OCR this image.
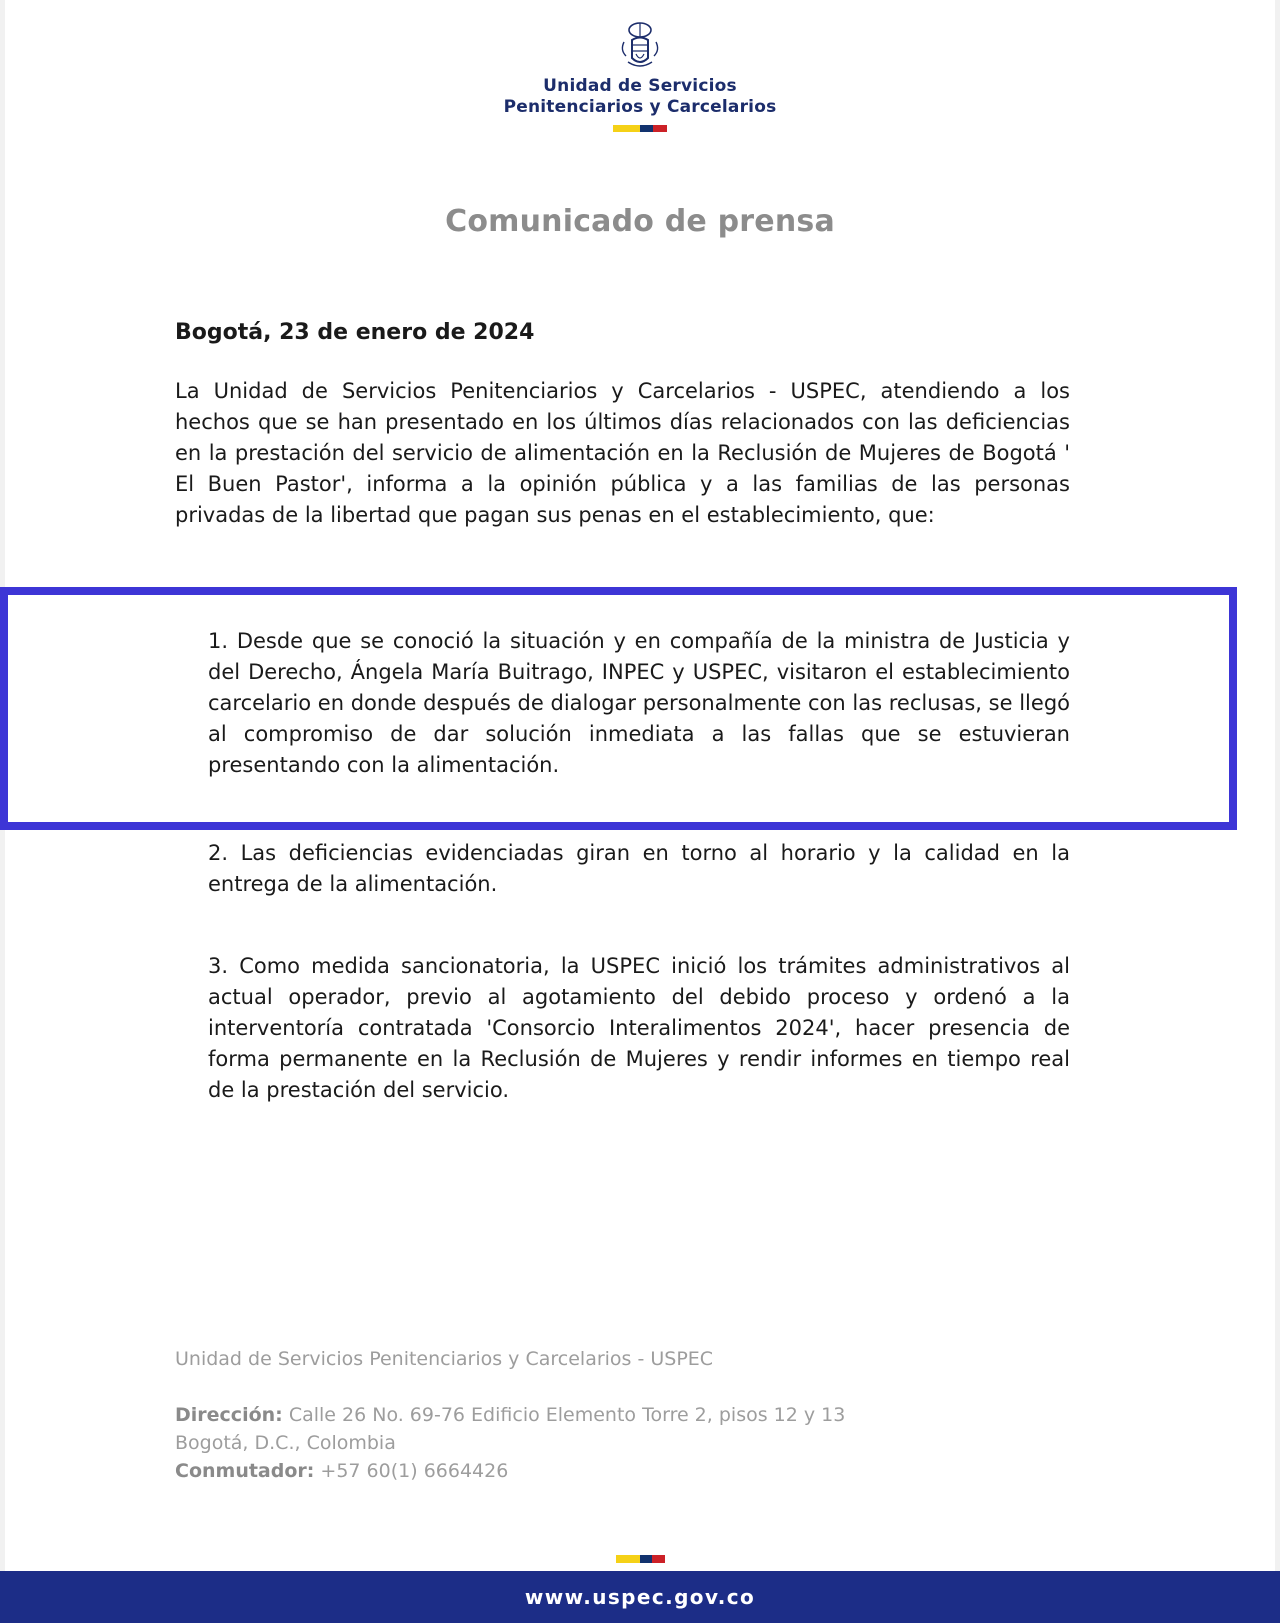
Unidad de Servicios
Penitenciarios y Carcelarios
Comunicado de prensa
Bogotá, 23 de enero de 2024

La Unidad de Servicios Penitenciarios y Carcelarios - USPEC, atendiendo a los hechos que se han presentado en los últimos días relacionados con las deficiencias en la prestación del servicio de alimentación en la Reclusión de Mujeres de Bogotá ' El Buen Pastor', informa a la opinión pública y a las familias de las personas privadas de la libertad que pagan sus penas en el establecimiento, que:

1. Desde que se conoció la situación y en compañía de la ministra de Justicia y del Derecho, Ángela María Buitrago, INPEC y USPEC, visitaron el establecimiento carcelario en donde después de dialogar personalmente con las reclusas, se llegó al compromiso de dar solución inmediata a las fallas que se estuvieran presentando con la alimentación.
2. Las deficiencias evidenciadas giran en torno al horario y la calidad en la entrega de la alimentación.
3. Como medida sancionatoria, la USPEC inició los trámites administrativos al actual operador, previo al agotamiento del debido proceso y ordenó a la interventoría contratada 'Consorcio Interalimentos 2024', hacer presencia de forma permanente en la Reclusión de Mujeres y rendir informes en tiempo real de la prestación del servicio.
Unidad de Servicios Penitenciarios y Carcelarios - USPEC
Dirección: Calle 26 No. 69-76 Edificio Elemento Torre 2, pisos 12 y 13
Bogotá, D.C., Colombia
Conmutador: +57 60(1) 6664426
www.uspec.gov.co
